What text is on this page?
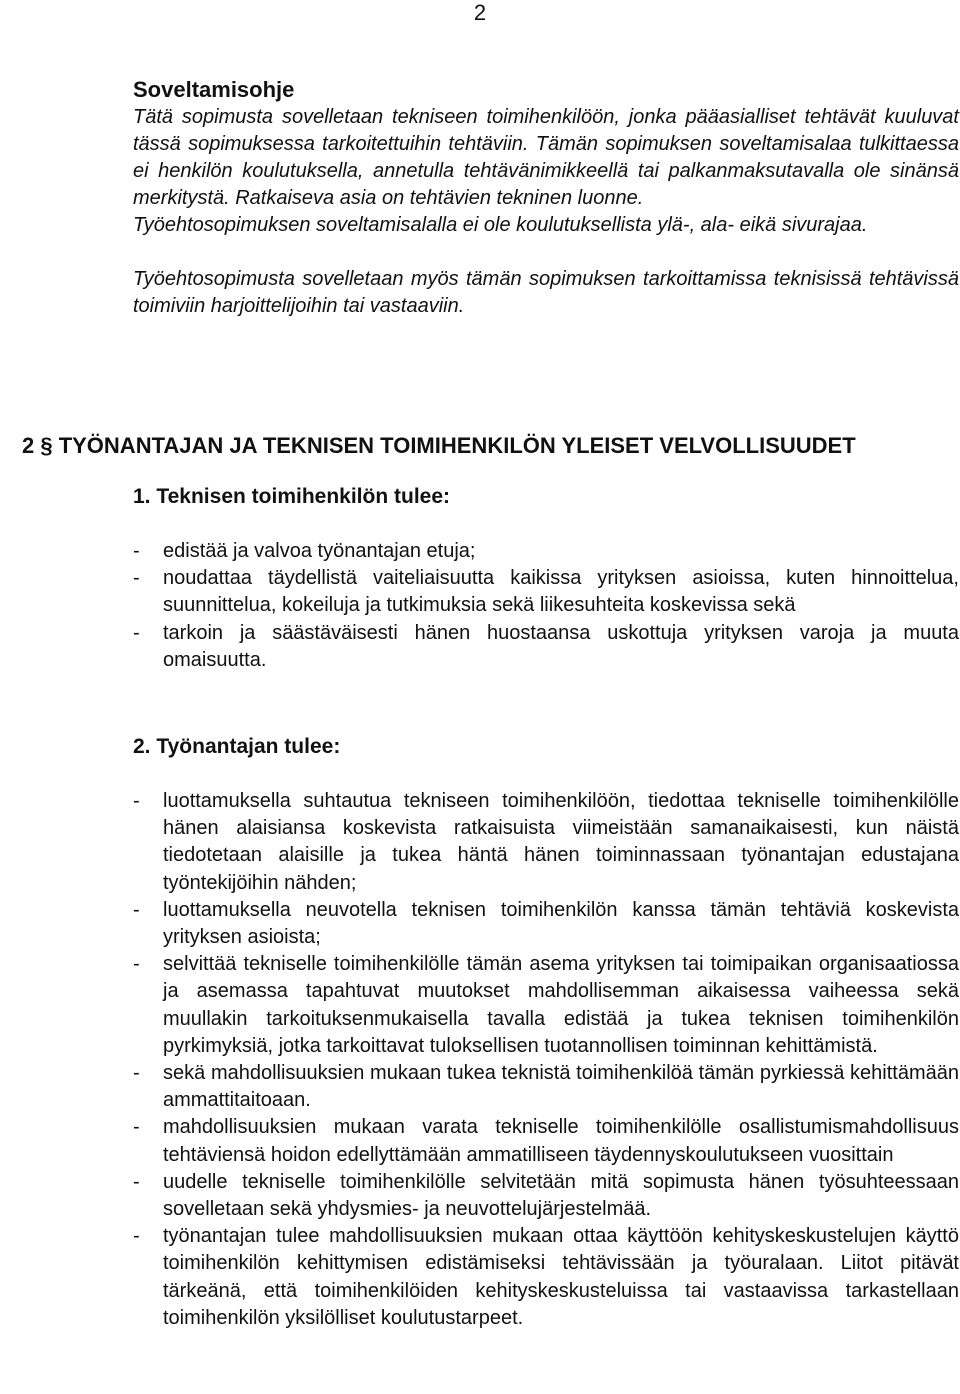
2

Soveltamisohje

Tätä sopimusta sovelletaan tekniseen toimihenkilöön, jonka pääasialliset tehtävät kuuluvat tässä sopimuksessa tarkoitettuihin tehtäviin. Tämän sopimuksen soveltamisalaa tulkittaessa ei henkilön koulutuksella, annetulla tehtävänimikkeellä tai palkanmaksutavalla ole sinänsä merkitystä. Ratkaiseva asia on tehtävien tekninen luonne.

Työehtosopimuksen soveltamisalalla ei ole koulutuksellista ylä-, ala- eikä sivurajaa.

Työehtosopimusta sovelletaan myös tämän sopimuksen tarkoittamissa teknisissä tehtävissä toimiviin harjoittelijoihin tai vastaaviin.

2 § TYÖNANTAJAN JA TEKNISEN TOIMIHENKILÖN YLEISET VELVOLLISUUDET

1. Teknisen toimihenkilön tulee:

- edistää ja valvoa työnantajan etuja;
- noudattaa täydellistä vaiteliaisuutta kaikissa yrityksen asioissa, kuten hinnoittelua, suunnittelua, kokeiluja ja tutkimuksia sekä liikesuhteita koskevissa sekä
- tarkoin ja säästäväisesti hänen huostaansa uskottuja yrityksen varoja ja muuta omaisuutta.

2. Työnantajan tulee:

- luottamuksella suhtautua tekniseen toimihenkilöön, tiedottaa tekniselle toimihenkilölle hänen alaisiansa koskevista ratkaisuista viimeistään samanaikaisesti, kun näistä tiedotetaan alaisille ja tukea häntä hänen toiminnassaan työnantajan edustajana työntekijöihin nähden;
- luottamuksella neuvotella teknisen toimihenkilön kanssa tämän tehtäviä koskevista yrityksen asioista;
- selvittää tekniselle toimihenkilölle tämän asema yrityksen tai toimipaikan organisaatiossa ja asemassa tapahtuvat muutokset mahdollisemman aikaisessa vaiheessa sekä muullakin tarkoituksenmukaisella tavalla edistää ja tukea teknisen toimihenkilön pyrkimyksiä, jotka tarkoittavat tuloksellisen tuotannollisen toiminnan kehittämistä.
- sekä mahdollisuuksien mukaan tukea teknistä toimihenkilöä tämän pyrkiessä kehittämään ammattitaitoaan.
- mahdollisuuksien mukaan varata tekniselle toimihenkilölle osallistumismahdollisuus tehtäviensä hoidon edellyttämään ammatilliseen täydennyskoulutukseen vuosittain
- uudelle tekniselle toimihenkilölle selvitetään mitä sopimusta hänen työsuhteessaan sovelletaan sekä yhdysmies- ja neuvottelujärjestelmää.
- työnantajan tulee mahdollisuuksien mukaan ottaa käyttöön kehityskeskustelujen käyttö toimihenkilön kehittymisen edistämiseksi tehtävissään ja työuralaan. Liitot pitävät tärkeänä, että toimihenkilöiden kehityskeskusteluissa tai vastaavissa tarkastellaan toimihenkilön yksilölliset koulutustarpeet.
